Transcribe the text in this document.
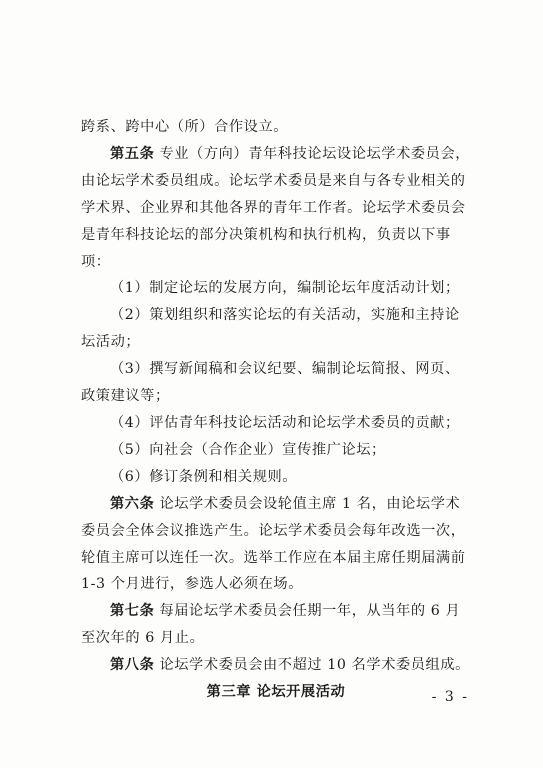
跨系、跨中心（所）合作设立。

第五条 专业（方向）青年科技论坛设论坛学术委员会，由论坛学术委员组成。论坛学术委员是来自与各专业相关的学术界、企业界和其他各界的青年工作者。论坛学术委员会是青年科技论坛的部分决策机构和执行机构，负责以下事项：

（1）制定论坛的发展方向，编制论坛年度活动计划；

（2）策划组织和落实论坛的有关活动，实施和主持论坛活动；

（3）撰写新闻稿和会议纪要、编制论坛简报、网页、政策建议等；

（4）评估青年科技论坛活动和论坛学术委员的贡献；

（5）向社会（合作企业）宣传推广论坛；

（6）修订条例和相关规则。

第六条 论坛学术委员会设轮值主席 1 名，由论坛学术委员会全体会议推选产生。论坛学术委员会每年改选一次，轮值主席可以连任一次。选举工作应在本届主席任期届满前 1-3 个月进行，参选人必须在场。

第七条 每届论坛学术委员会任期一年，从当年的 6 月至次年的 6 月止。

第八条 论坛学术委员会由不超过 10 名学术委员组成。

第三章 论坛开展活动	- 3 -
